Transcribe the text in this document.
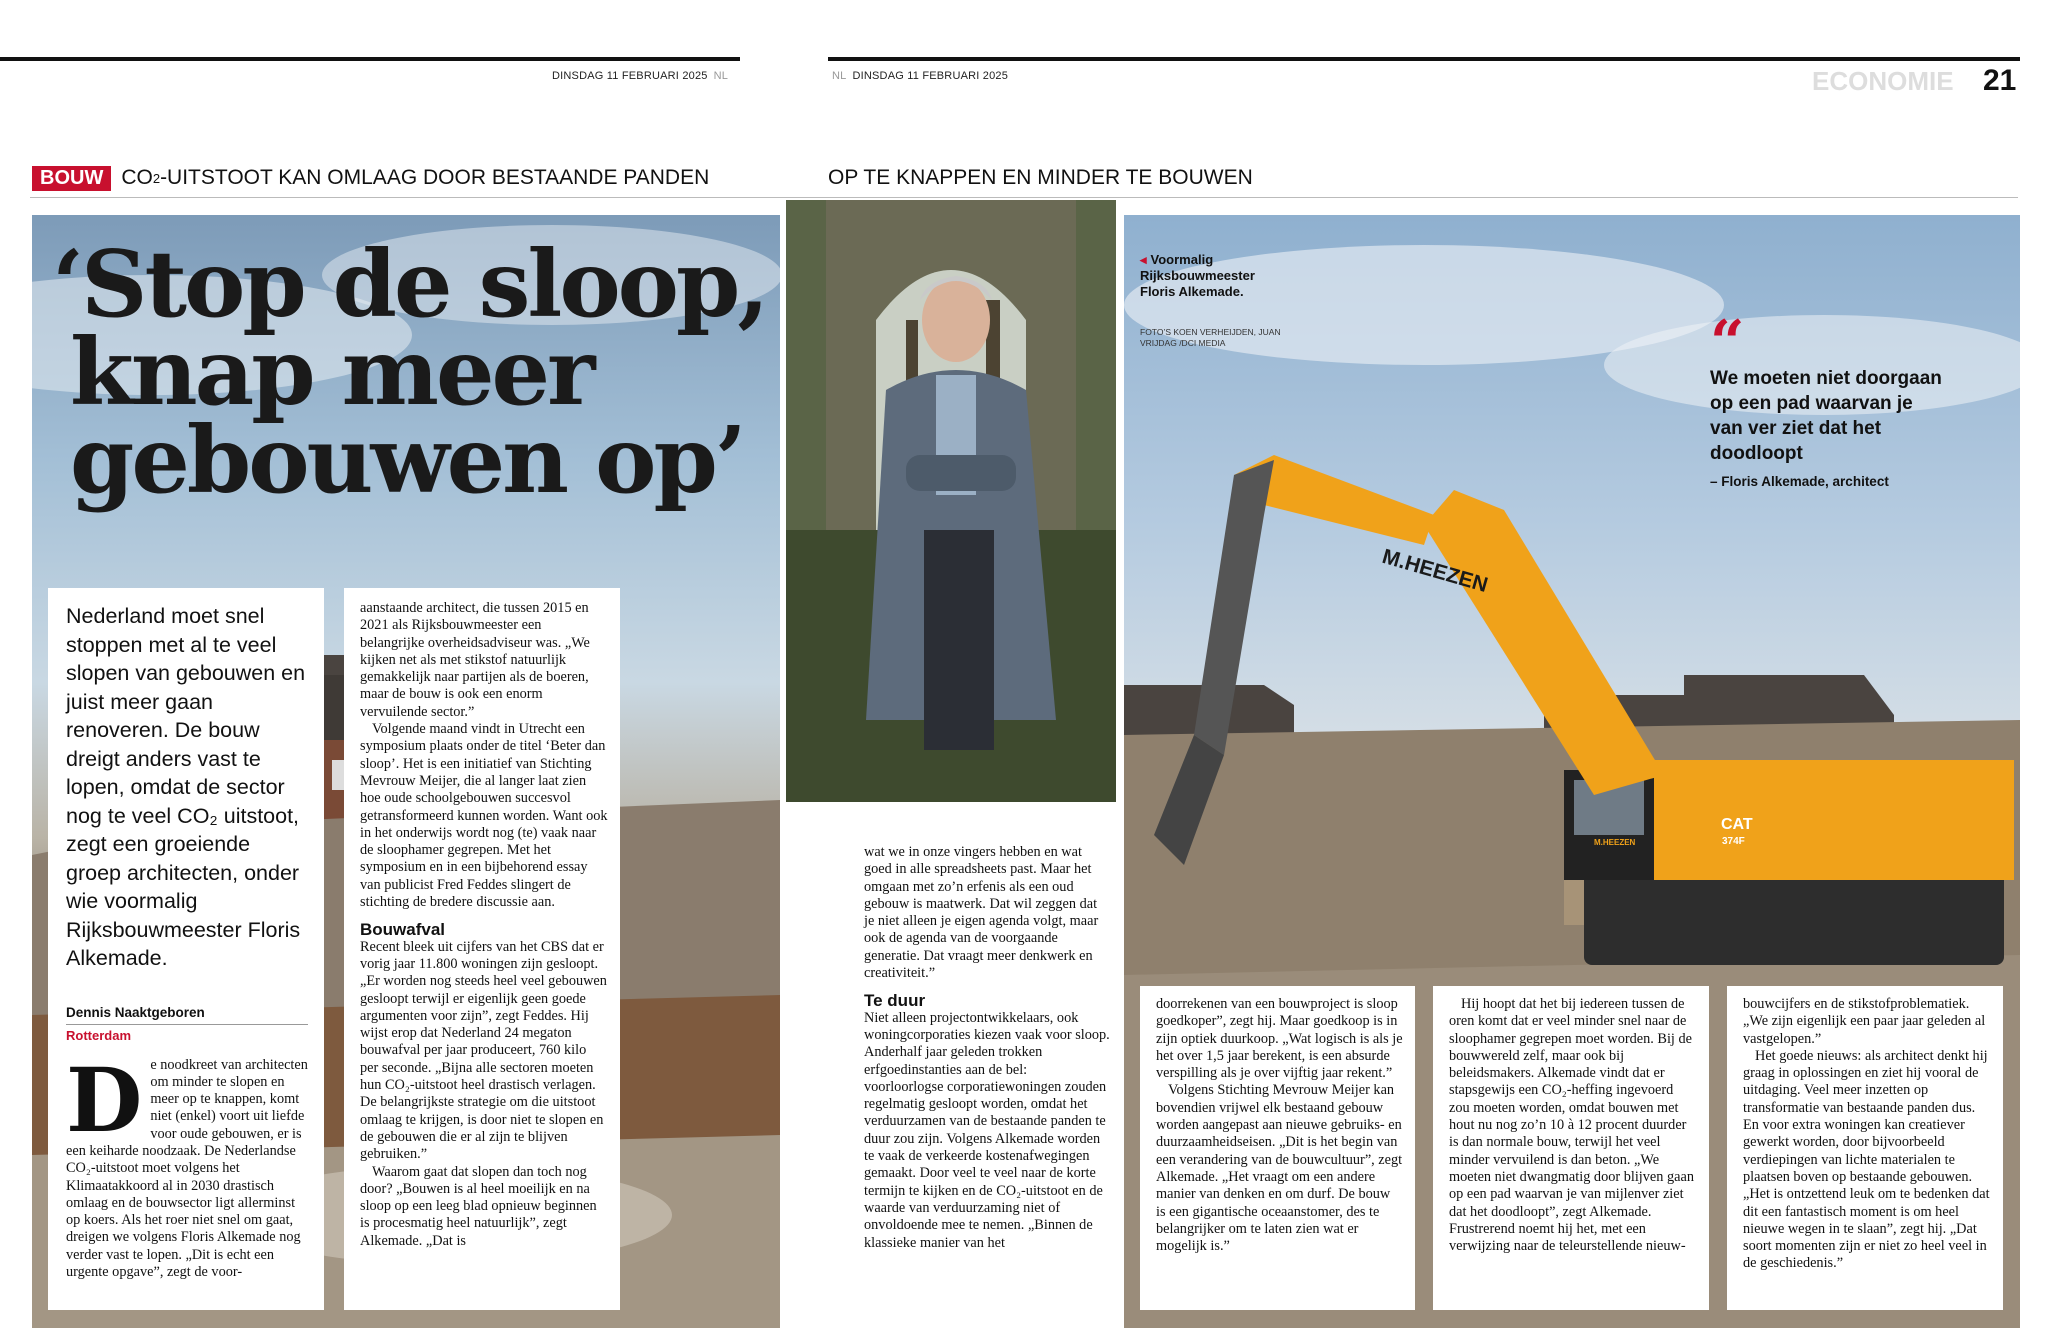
DINSDAG 11 FEBRUARI 2025 NL	NL DINSDAG 11 FEBRUARI 2025	ECONOMIE 21
BOUW CO 2 -UITSTOOT KAN OMLAAG DOOR BESTAANDE PANDEN	OP TE KNAPPEN EN MINDER TE BOUWEN
‘Stop de sloop,
knap meer
gebouwen op’
Nederland moet snel stoppen met al te veel slopen van gebouwen en juist meer gaan renoveren. De bouw dreigt anders vast te lopen, omdat de sector nog te veel CO₂ uitstoot, zegt een groeiende groep architecten, onder wie voormalig Rijksbouwmeester Floris Alkemade.
Dennis Naaktgeboren
Rotterdam
De noodkreet van architecten om minder te slopen en meer op te knappen, komt niet (enkel) voort uit liefde voor oude gebouwen, er is een keiharde noodzaak. De Nederlandse CO₂-uitstoot moet volgens het Klimaatakkoord al in 2030 drastisch omlaag en de bouwsector ligt allerminst op koers. Als het roer niet snel om gaat, dreigen we volgens Floris Alkemade nog verder vast te lopen. „Dit is echt een urgente opgave”, zegt de voor-

aanstaande architect, die tussen 2015 en 2021 als Rijksbouwmeester een belangrijke overheidsadviseur was. „We kijken net als met stikstof natuurlijk gemakkelijk naar partijen als de boeren, maar de bouw is ook een enorm vervuilende sector.”

Volgende maand vindt in Utrecht een symposium plaats onder de titel ‘Beter dan sloop’. Het is een initiatief van Stichting Mevrouw Meijer, die al langer laat zien hoe oude schoolgebouwen succesvol getransformeerd kunnen worden. Want ook in het onderwijs wordt nog (te) vaak naar de sloophamer gegrepen. Met het symposium en in een bijbehorend essay van publicist Fred Feddes slingert de stichting de bredere discussie aan.

Bouwafval

Recent bleek uit cijfers van het CBS dat er vorig jaar 11.800 woningen zijn gesloopt. „Er worden nog steeds heel veel gebouwen gesloopt terwijl er eigenlijk geen goede argumenten voor zijn”, zegt Feddes. Hij wijst erop dat Nederland 24 megaton bouwafval per jaar produceert, 760 kilo per seconde. „Bijna alle sectoren moeten hun CO₂-uitstoot heel drastisch verlagen. De belangrijkste strategie om die uitstoot omlaag te krijgen, is door niet te slopen en de gebouwen die er al zijn te blijven gebruiken.”

Waarom gaat dat slopen dan toch nog door? „Bouwen is al heel moeilijk en na sloop op een leeg blad opnieuw beginnen is procesmatig heel natuurlijk”, zegt Alkemade. „Dat is

wat we in onze vingers hebben en wat goed in alle spreadsheets past. Maar het omgaan met zo’n erfenis als een oud gebouw is maatwerk. Dat wil zeggen dat je niet alleen je eigen agenda volgt, maar ook de agenda van de voorgaande generatie. Dat vraagt meer denkwerk en creativiteit.”

Te duur

Niet alleen projectontwikkelaars, ook woningcorporaties kiezen vaak voor sloop. Anderhalf jaar geleden trokken erfgoedinstanties aan de bel: voorloorlogse corporatiewoningen zouden regelmatig gesloopt worden, omdat het verduurzamen van de bestaande panden te duur zou zijn. Volgens Alkemade worden te vaak de verkeerde kostenafwegingen gemaakt. Door veel te veel naar de korte termijn te kijken en de CO₂-uitstoot en de waarde van verduurzaming niet of onvoldoende mee te nemen. „Binnen de klassieke manier van het

M.HEEZEN
M.HEEZEN
CAT
374F
◂ Voormalig Rijksbouwmeester Floris Alkemade.
FOTO’S KOEN VERHEIJDEN, JUAN VRIJDAG /DCI MEDIA	“
We moeten niet doorgaan op een pad waarvan je van ver ziet dat het doodloopt
– Floris Alkemade, architect

doorrekenen van een bouwproject is sloop goedkoper”, zegt hij. Maar goedkoop is in zijn optiek duurkoop. „Wat logisch is als je het over 1,5 jaar berekent, is een absurde verspilling als je over vijftig jaar rekent.”

Volgens Stichting Mevrouw Meijer kan bovendien vrijwel elk bestaand gebouw worden aangepast aan nieuwe gebruiks- en duurzaamheidseisen. „Dit is het begin van een verandering van de bouwcultuur”, zegt Alkemade. „Het vraagt om een andere manier van denken en om durf. De bouw is een gigantische oceaanstomer, des te belangrijker om te laten zien wat er mogelijk is.”

Hij hoopt dat het bij iedereen tussen de oren komt dat er veel minder snel naar de sloophamer gegrepen moet worden. Bij de bouwwereld zelf, maar ook bij beleidsmakers. Alkemade vindt dat er stapsgewijs een CO₂-heffing ingevoerd zou moeten worden, omdat bouwen met hout nu nog zo’n 10 à 12 procent duurder is dan normale bouw, terwijl het veel minder vervuilend is dan beton. „We moeten niet dwangmatig door blijven gaan op een pad waarvan je van mijlenver ziet dat het doodloopt”, zegt Alkemade. Frustrerend noemt hij het, met een verwijzing naar de teleurstellende nieuw-

bouwcijfers en de stikstofproblematiek. „We zijn eigenlijk een paar jaar geleden al vastgelopen.”

Het goede nieuws: als architect denkt hij graag in oplossingen en ziet hij vooral de uitdaging. Veel meer inzetten op transformatie van bestaande panden dus. En voor extra woningen kan creatiever gewerkt worden, door bijvoorbeeld verdiepingen van lichte materialen te plaatsen boven op bestaande gebouwen. „Het is ontzettend leuk om te bedenken dat dit een fantastisch moment is om heel nieuwe wegen in te slaan”, zegt hij. „Dat soort momenten zijn er niet zo heel veel in de geschiedenis.”
